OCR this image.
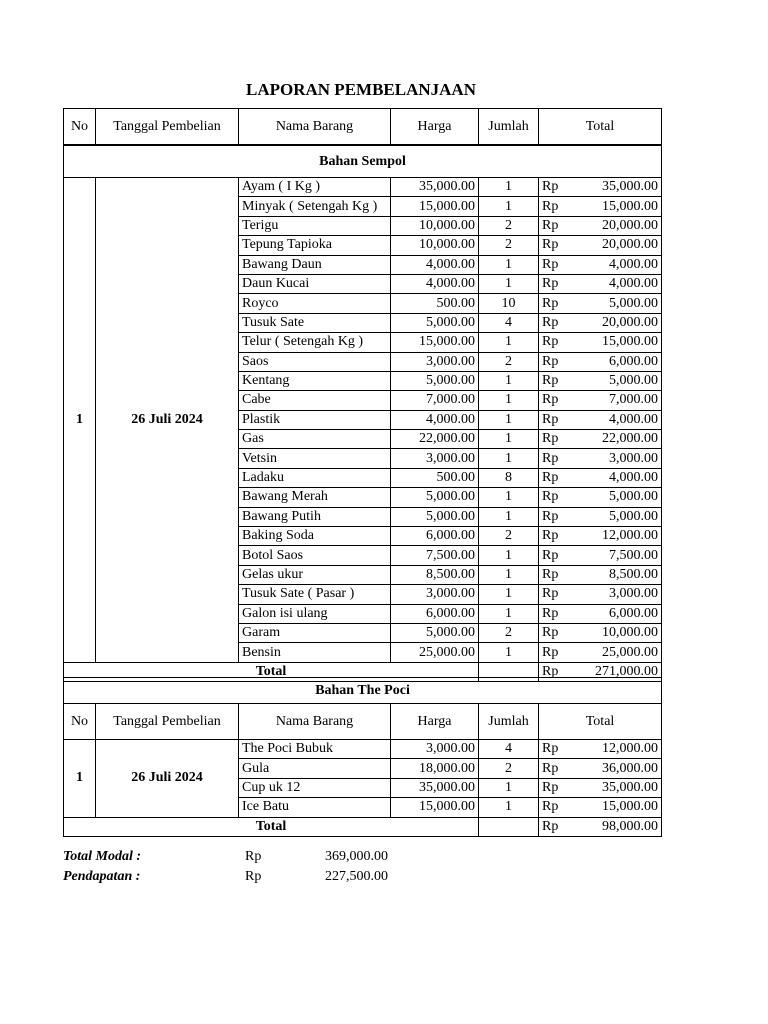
LAPORAN PEMBELANJAAN
No	Tanggal Pembelian	Nama Barang	Harga	Jumlah	Total	
Bahan Sempol						
1	26 Juli 2024	Ayam ( I Kg )	35,000.00	1	Rp	35,000.00
		Minyak ( Setengah Kg )	15,000.00	1	Rp	15,000.00
		Terigu	10,000.00	2	Rp	20,000.00
		Tepung Tapioka	10,000.00	2	Rp	20,000.00
		Bawang Daun	4,000.00	1	Rp	4,000.00
		Daun Kucai	4,000.00	1	Rp	4,000.00
		Royco	500.00	10	Rp	5,000.00
		Tusuk Sate	5,000.00	4	Rp	20,000.00
		Telur ( Setengah Kg )	15,000.00	1	Rp	15,000.00
		Saos	3,000.00	2	Rp	6,000.00
		Kentang	5,000.00	1	Rp	5,000.00
		Cabe	7,000.00	1	Rp	7,000.00
		Plastik	4,000.00	1	Rp	4,000.00
		Gas	22,000.00	1	Rp	22,000.00
		Vetsin	3,000.00	1	Rp	3,000.00
		Ladaku	500.00	8	Rp	4,000.00
		Bawang Merah	5,000.00	1	Rp	5,000.00
		Bawang Putih	5,000.00	1	Rp	5,000.00
		Baking Soda	6,000.00	2	Rp	12,000.00
		Botol Saos	7,500.00	1	Rp	7,500.00
		Gelas ukur	8,500.00	1	Rp	8,500.00
		Tusuk Sate ( Pasar )	3,000.00	1	Rp	3,000.00
		Galon isi ulang	6,000.00	1	Rp	6,000.00
		Garam	5,000.00	2	Rp	10,000.00
		Bensin	25,000.00	1	Rp	25,000.00
Total					Rp	271,000.00
Bahan The Poci						
No	Tanggal Pembelian	Nama Barang	Harga	Jumlah	Total	
1	26 Juli 2024	The Poci Bubuk	3,000.00	4	Rp	12,000.00
		Gula	18,000.00	2	Rp	36,000.00
		Cup uk 12	35,000.00	1	Rp	35,000.00
		Ice Batu	15,000.00	1	Rp	15,000.00
Total					Rp	98,000.00
Total Modal :	Rp	369,000.00
Pendapatan :	Rp	227,500.00
